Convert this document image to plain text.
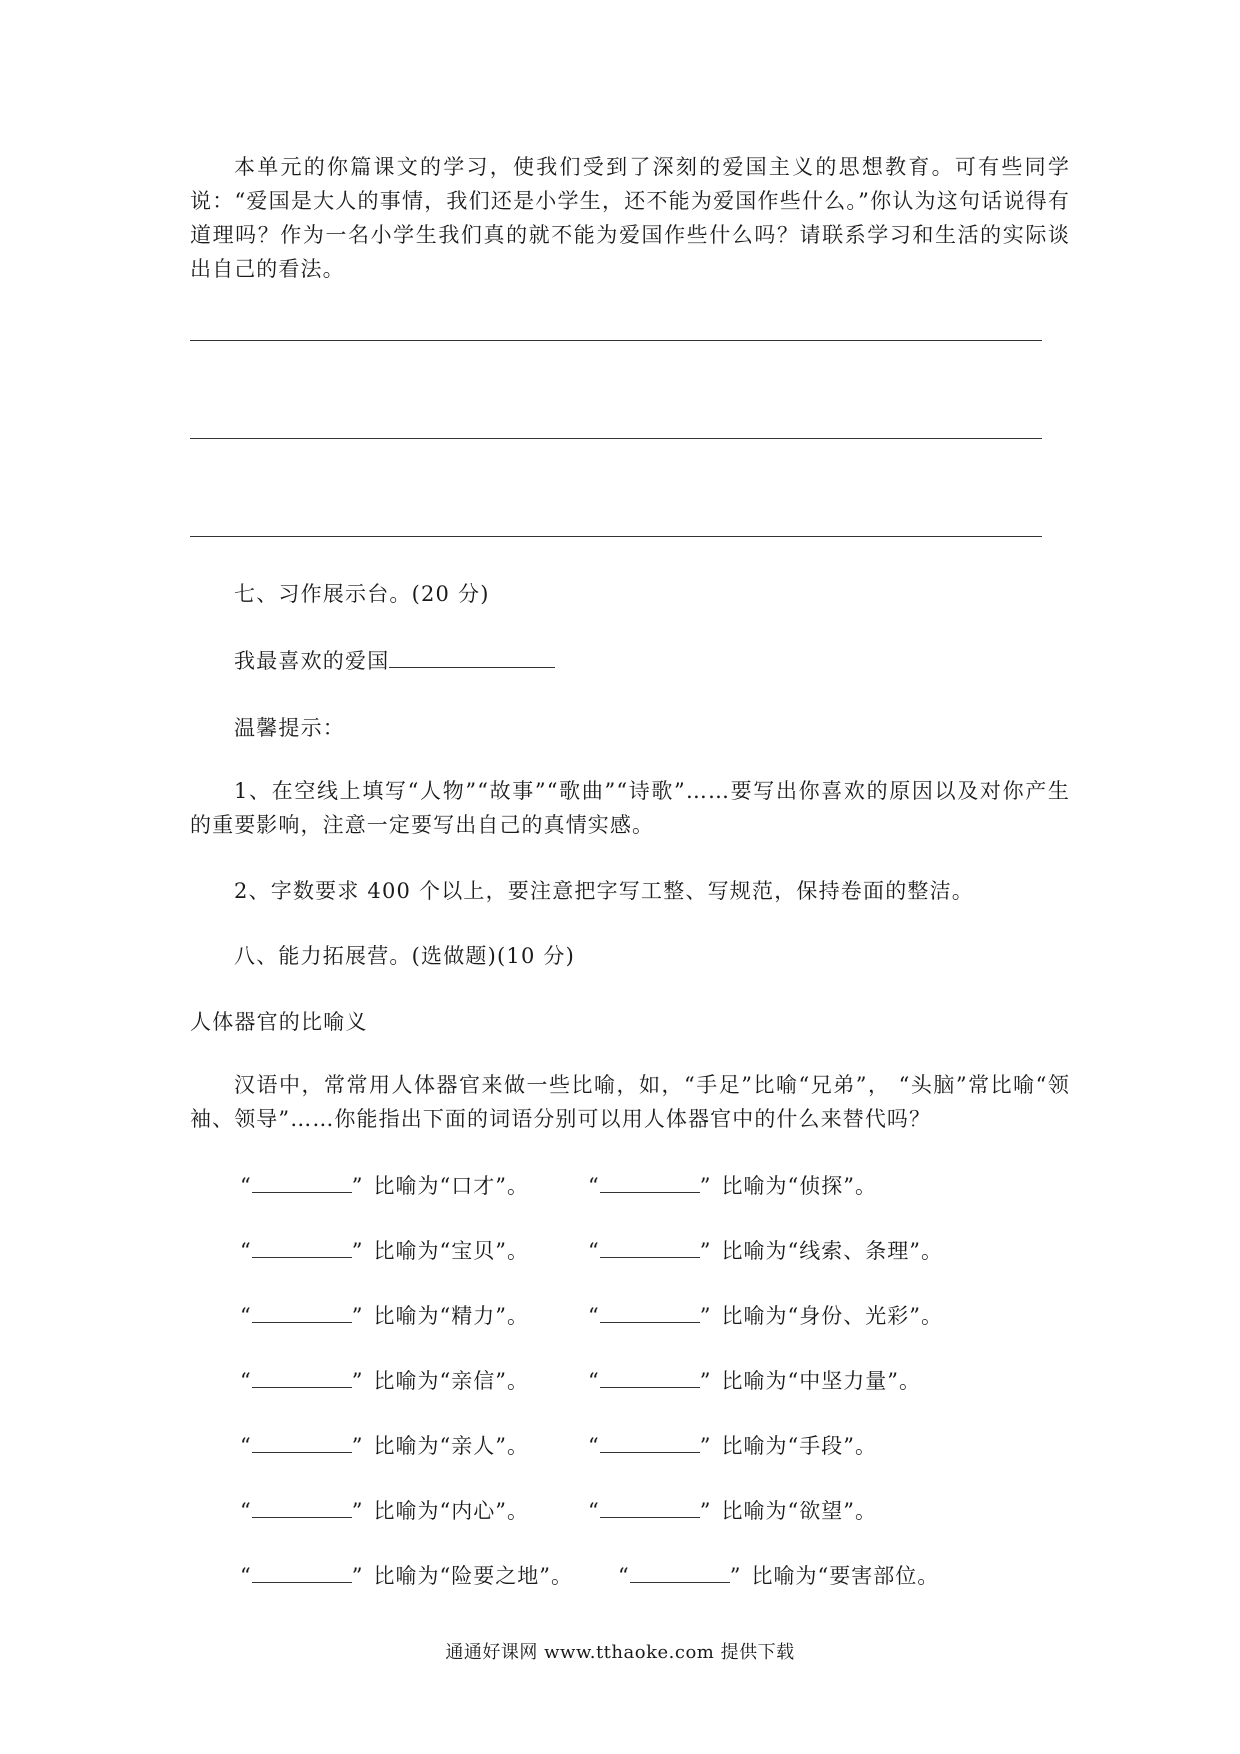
本单元的你篇课文的学习，使我们受到了深刻的爱国主义的思想教育。可有些同学说：“爱国是大人的事情，我们还是小学生，还不能为爱国作些什么。”你认为这句话说得有道理吗？作为一名小学生我们真的就不能为爱国作些什么吗？请联系学习和生活的实际谈出自己的看法。
七、习作展示台。(20 分)
我最喜欢的爱国
温馨提示：
1、在空线上填写“人物”“故事”“歌曲”“诗歌”……要写出你喜欢的原因以及对你产生的重要影响，注意一定要写出自己的真情实感。
2、字数要求 400 个以上，要注意把字写工整、写规范，保持卷面的整洁。
八、能力拓展营。(选做题)(10 分)
人体器官的比喻义
汉语中，常常用人体器官来做一些比喻，如，“手足”比喻“兄弟”， “头脑”常比喻“领袖、领导”……你能指出下面的词语分别可以用人体器官中的什么来替代吗？
“	” 比喻为“口才”。	“	” 比喻为“侦探”。
“	” 比喻为“宝贝”。	“	” 比喻为“线索、条理”。
“	” 比喻为“精力”。	“	” 比喻为“身份、光彩”。
“	” 比喻为“亲信”。	“	” 比喻为“中坚力量”。
“	” 比喻为“亲人”。	“	” 比喻为“手段”。
“	” 比喻为“内心”。	“	” 比喻为“欲望”。
“	” 比喻为“险要之地”。 “	” 比喻为“要害部位。
通通好课网 www.tthaoke.com 提供下载
